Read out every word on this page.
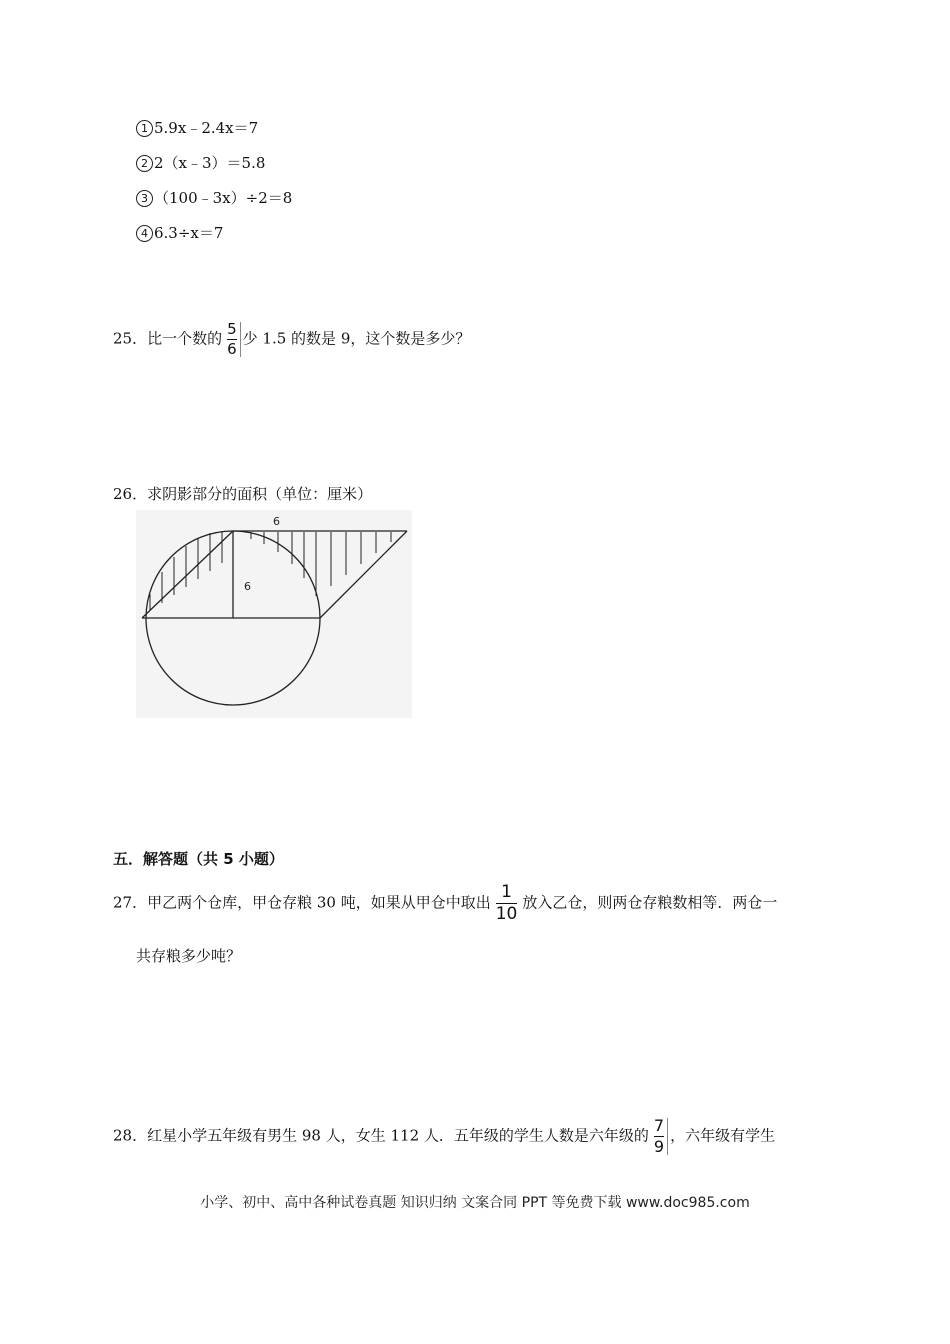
1 5.9x﹣2.4x＝7
2 2（x﹣3）＝5.8
3 （100﹣3x）÷2＝8
4 6.3÷x＝7
25．比一个数的 $\frac{5}{6}$ 少 1.5 的数是 9，这个数是多少？
26．求阴影部分的面积（单位：厘米）
6
6
五．解答题（共 5 小题）
27．甲乙两个仓库，甲仓存粮 30 吨，如果从甲仓中取出 $\frac{1}{10}$ 放入乙仓，则两仓存粮数相等．两仓一
共存粮多少吨？
28．红星小学五年级有男生 98 人，女生 112 人．五年级的学生人数是六年级的 $\frac{7}{9}$ ，六年级有学生
小学、初中、高中各种试卷真题 知识归纳 文案合同 PPT 等免费下载 www.doc985.com
